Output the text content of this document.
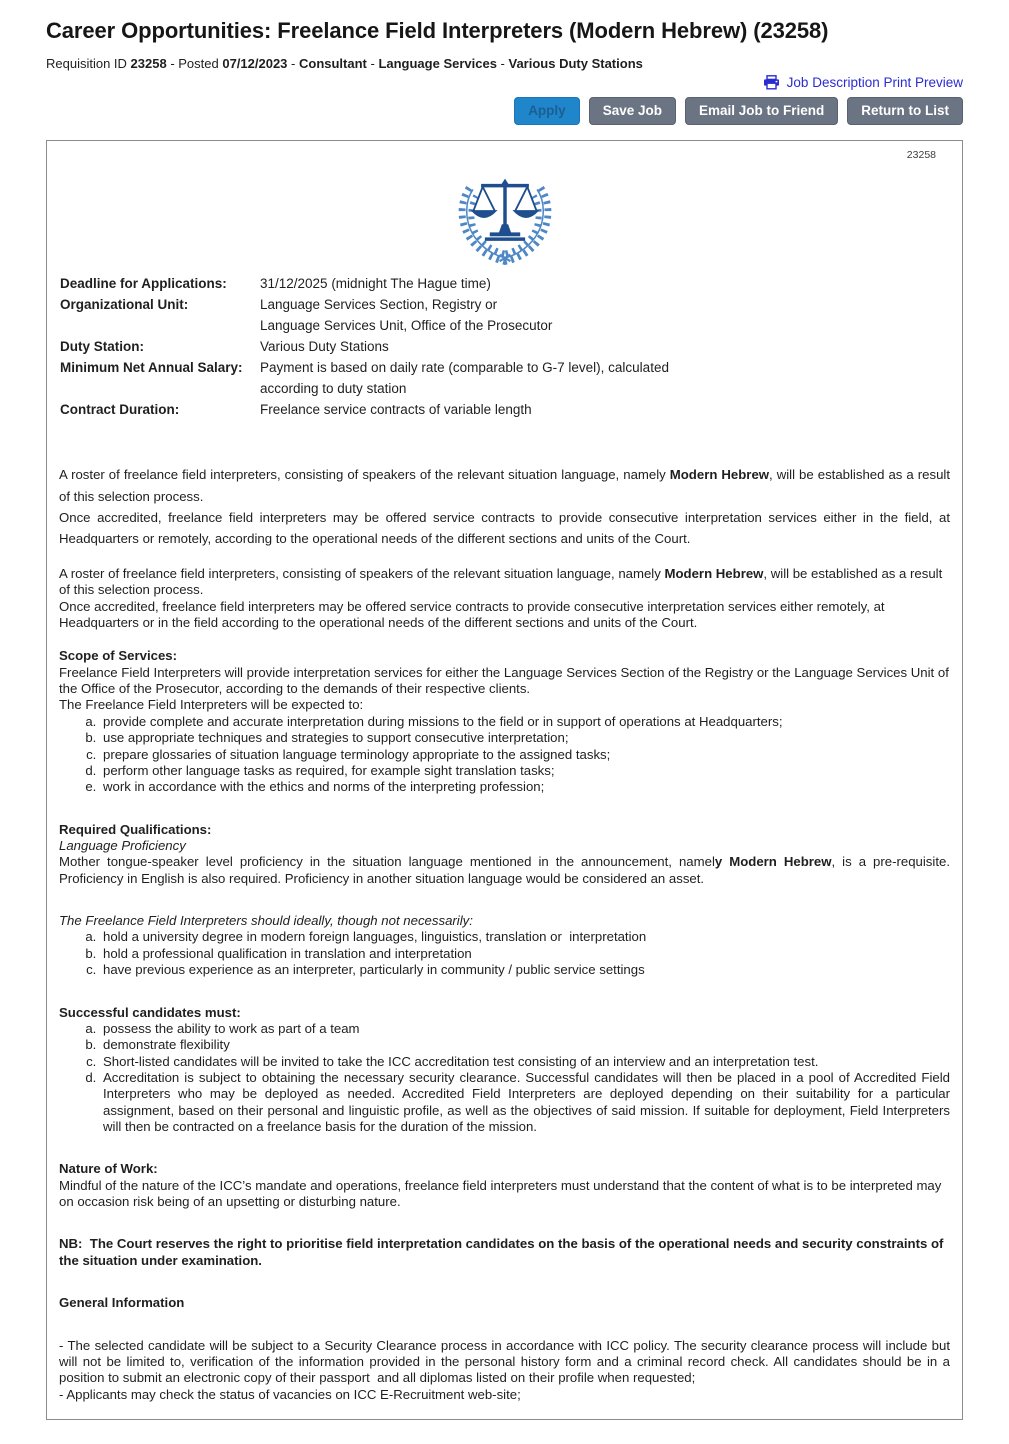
Career Opportunities: Freelance Field Interpreters (Modern Hebrew) (23258)
Requisition ID 23258 - Posted 07/12/2023 - Consultant - Language Services - Various Duty Stations
Job Description Print Preview
Apply	Save Job	Email Job to Friend	Return to List
23258
Deadline for Applications:	31/12/2025 (midnight The Hague time)
Organizational Unit:	Language Services Section, Registry or
Language Services Unit, Office of the Prosecutor
Duty Station:	Various Duty Stations
Minimum Net Annual Salary:	Payment is based on daily rate (comparable to G-7 level), calculated
according to duty station
Contract Duration:	Freelance service contracts of variable length
A roster of freelance field interpreters, consisting of speakers of the relevant situation language, namely Modern Hebrew, will be established as a result of this selection process.
Once accredited, freelance field interpreters may be offered service contracts to provide consecutive interpretation services either in the field, at Headquarters or remotely, according to the operational needs of the different sections and units of the Court.
A roster of freelance field interpreters, consisting of speakers of the relevant situation language, namely Modern Hebrew, will be established as a result of this selection process.
Once accredited, freelance field interpreters may be offered service contracts to provide consecutive interpretation services either remotely, at Headquarters or in the field according to the operational needs of the different sections and units of the Court.
Scope of Services:
Freelance Field Interpreters will provide interpretation services for either the Language Services Section of the Registry or the Language Services Unit of the Office of the Prosecutor, according to the demands of their respective clients.
The Freelance Field Interpreters will be expected to:
a. provide complete and accurate interpretation during missions to the field or in support of operations at Headquarters;
b. use appropriate techniques and strategies to support consecutive interpretation;
c. prepare glossaries of situation language terminology appropriate to the assigned tasks;
d. perform other language tasks as required, for example sight translation tasks;
e. work in accordance with the ethics and norms of the interpreting profession;
Required Qualifications:
Language Proficiency
Mother tongue-speaker level proficiency in the situation language mentioned in the announcement, namely Modern Hebrew, is a pre-requisite. Proficiency in English is also required. Proficiency in another situation language would be considered an asset.
The Freelance Field Interpreters should ideally, though not necessarily:
a. hold a university degree in modern foreign languages, linguistics, translation or  interpretation
b. hold a professional qualification in translation and interpretation
c. have previous experience as an interpreter, particularly in community / public service settings
Successful candidates must:
a. possess the ability to work as part of a team
b. demonstrate flexibility
c. Short-listed candidates will be invited to take the ICC accreditation test consisting of an interview and an interpretation test.
d. Accreditation is subject to obtaining the necessary security clearance. Successful candidates will then be placed in a pool of Accredited Field Interpreters who may be deployed as needed. Accredited Field Interpreters are deployed depending on their suitability for a particular assignment, based on their personal and linguistic profile, as well as the objectives of said mission. If suitable for deployment, Field Interpreters will then be contracted on a freelance basis for the duration of the mission.
Nature of Work:
Mindful of the nature of the ICC’s mandate and operations, freelance field interpreters must understand that the content of what is to be interpreted may on occasion risk being of an upsetting or disturbing nature.
NB:  The Court reserves the right to prioritise field interpretation candidates on the basis of the operational needs and security constraints of the situation under examination.
General Information
- The selected candidate will be subject to a Security Clearance process in accordance with ICC policy. The security clearance process will include but will not be limited to, verification of the information provided in the personal history form and a criminal record check. All candidates should be in a position to submit an electronic copy of their passport  and all diplomas listed on their profile when requested;
- Applicants may check the status of vacancies on ICC E-Recruitment web-site;
